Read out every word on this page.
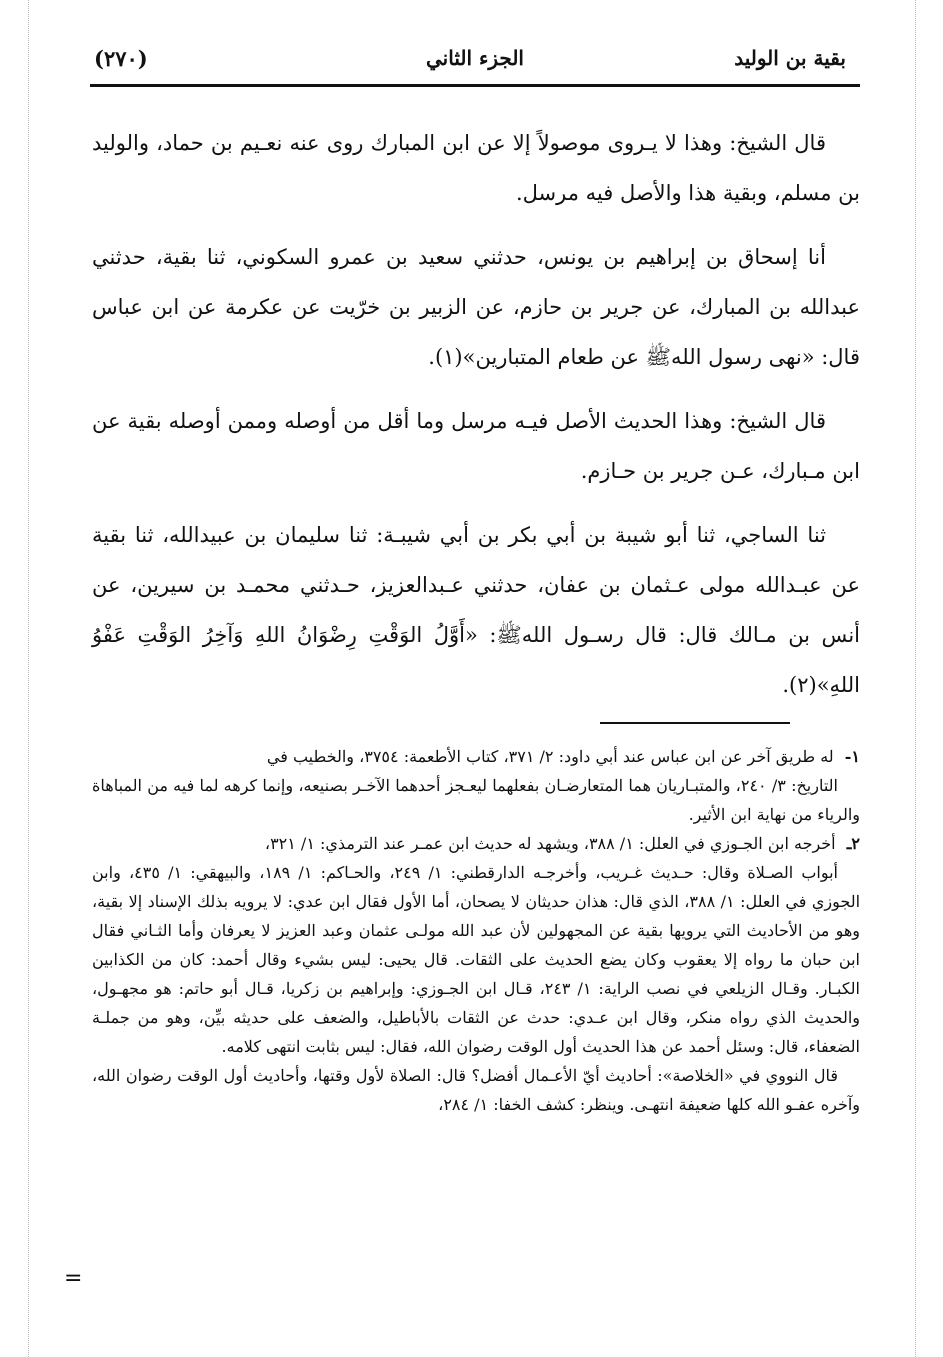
بقية بن الوليد
الجزء الثاني
(٢٧٠)

قال الشيخ: وهذا لا يـروى موصولاً إلا عن ابن المبارك روى عنه نعـيم بن حماد، والوليد بن مسلم، وبقية هذا والأصل فيه مرسل.

أنا إسحاق بن إبراهيم بن يونس، حدثني سعيد بن عمرو السكوني، ثنا بقية، حدثني عبدالله بن المبارك، عن جرير بن حازم، عن الزبير بن خرّيت عن عكرمة عن ابن عباس قال: «نهى رسول اللهﷺ عن طعام المتبارين»(١).

قال الشيخ: وهذا الحديث الأصل فيـه مرسل وما أقل من أوصله وممن أوصله بقية عن ابن مـبارك، عـن جرير بن حـازم.

ثنا الساجي، ثنا أبو شيبة بن أبي بكر بن أبي شيبـة: ثنا سليمان بن عبيدالله، ثنا بقية عن عبـدالله مولى عـثمان بن عفان، حدثني عـبدالعزيز، حـدثني محمـد بن سيرين، عن أنس بن مـالك قال: قال رسـول اللهﷺ: «أَوَّلُ الوَقْتِ رِضْوَانُ اللهِ وَآخِرُ الوَقْتِ عَفْوُ اللهِ»(٢).

١- له طريق آخر عن ابن عباس عند أبي داود: ٢/ ٣٧١، كتاب الأطعمة: ٣٧٥٤، والخطيب في

التاريخ: ٣/ ٢٤٠، والمتبـاريان هما المتعارضـان بفعلهما ليعـجز أحدهما الآخـر بصنيعه، وإنما كرهه لما فيه من المباهاة والرياء من نهاية ابن الأثير.

٢ـ أخرجه ابن الجـوزي في العلل: ١/ ٣٨٨، ويشهد له حديث ابن عمـر عند الترمذي: ١/ ٣٢١،

أبواب الصـلاة وقال: حـديث غـريب، وأخرجـه الدارقطني: ١/ ٢٤٩، والحـاكم: ١/ ١٨٩، والبيهقي: ١/ ٤٣٥، وابن الجوزي في العلل: ١/ ٣٨٨، الذي قال: هذان حديثان لا يصحان، أما الأول فقال ابن عدي: لا يرويه بذلك الإسناد إلا بقية، وهو من الأحاديث التي يرويها بقية عن المجهولين لأن عبد الله مولـى عثمان وعبد العزيز لا يعرفان وأما الثـاني فقال ابن حبان ما رواه إلا يعقوب وكان يضع الحديث على الثقات. قال يحيى: ليس بشيء وقال أحمد: كان من الكذابين الكبـار. وقـال الزيلعي في نصب الراية: ١/ ٢٤٣، قـال ابن الجـوزي: وإبراهيم بن زكريا، قـال أبو حاتم: هو مجهـول، والحديث الذي رواه منكر، وقال ابن عـدي: حدث عن الثقات بالأباطيل، والضعف على حديثه بيِّن، وهو من جملـة الضعفاء، قال: وسئل أحمد عن هذا الحديث أول الوقت رضوان الله، فقال: ليس بثابت انتهى كلامه.

قال النووي في «الخلاصة»: أحاديث أيّ الأعـمال أفضل؟ قال: الصلاة لأول وقتها، وأحاديث أول الوقت رضوان الله، وآخره عفـو الله كلها ضعيفة انتهـى. وينظر: كشف الخفا: ١/ ٢٨٤،

=
